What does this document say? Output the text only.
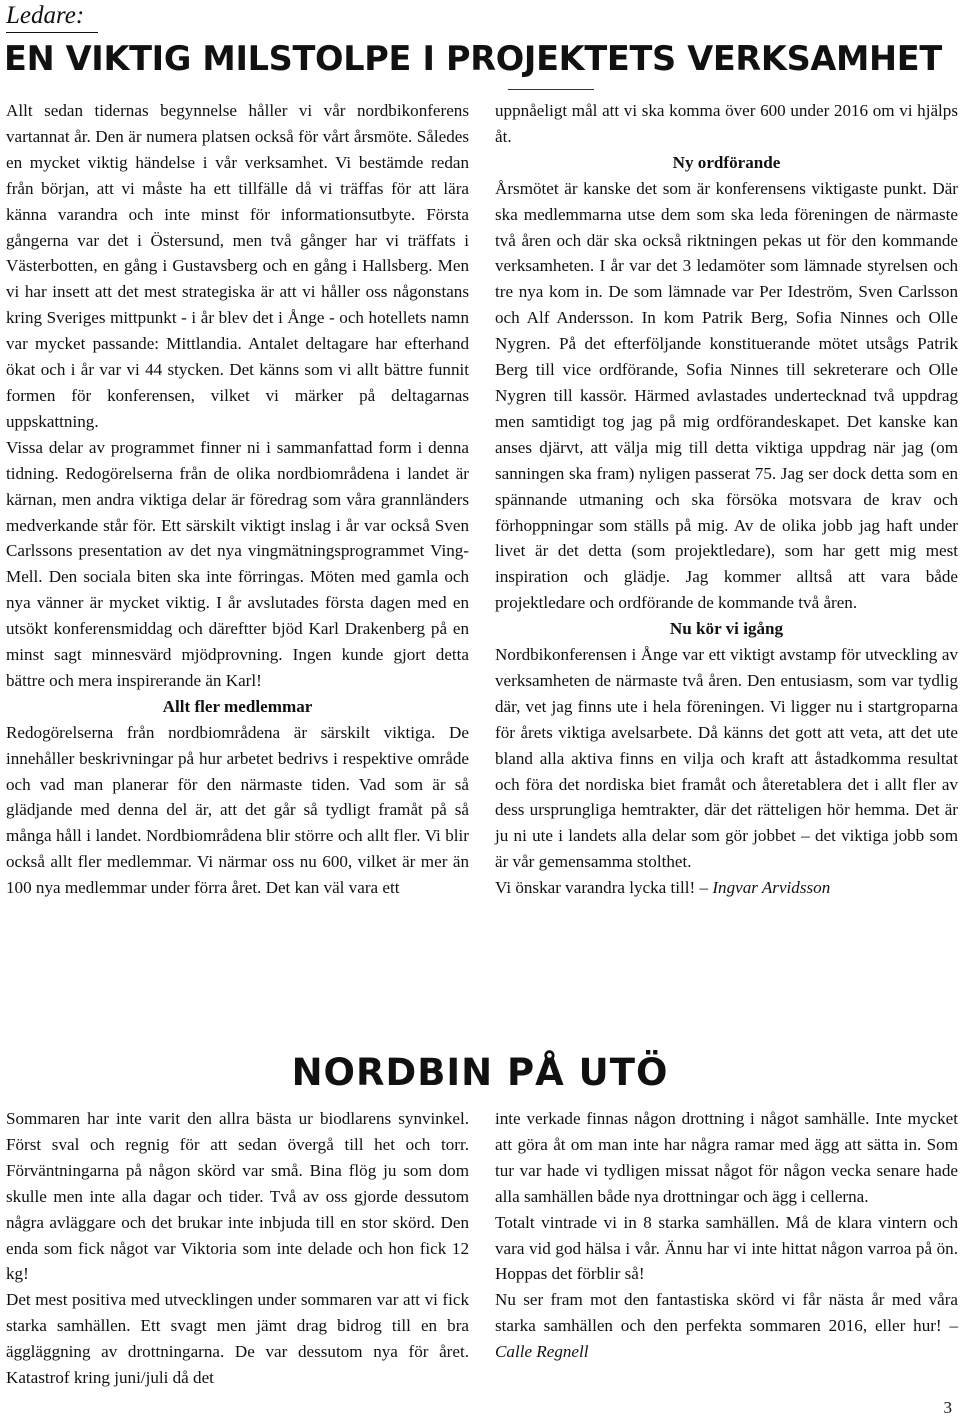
Ledare:
EN VIKTIG MILSTOLPE I PROJEKTETS VERKSAMHET

Allt sedan tidernas begynnelse håller vi vår nordbikonferens vartannat år. Den är numera platsen också för vårt årsmöte. Således en mycket viktig händelse i vår verksamhet. Vi bestämde redan från början, att vi måste ha ett tillfälle då vi träffas för att lära känna varandra och inte minst för informationsutbyte. Första gångerna var det i Östersund, men två gånger har vi träffats i Västerbotten, en gång i Gustavsberg och en gång i Hallsberg. Men vi har insett att det mest strategiska är att vi håller oss någonstans kring Sveriges mittpunkt - i år blev det i Ånge - och hotellets namn var mycket passande: Mittlandia. Antalet deltagare har efterhand ökat och i år var vi 44 stycken. Det känns som vi allt bättre funnit formen för konferensen, vilket vi märker på deltagarnas uppskattning.

Vissa delar av programmet finner ni i sammanfattad form i denna tidning. Redogörelserna från de olika nordbiområdena i landet är kärnan, men andra viktiga delar är föredrag som våra grannländers medverkande står för. Ett särskilt viktigt inslag i år var också Sven Carlssons presentation av det nya vingmätningsprogrammet Ving-Mell. Den sociala biten ska inte förringas. Möten med gamla och nya vänner är mycket viktig. I år avslutades första dagen med en utsökt konferensmiddag och däreftter bjöd Karl Drakenberg på en minst sagt minnesvärd mjödprovning. Ingen kunde gjort detta bättre och mera inspirerande än Karl!

Allt fler medlemmar

Redogörelserna från nordbiområdena är särskilt viktiga. De innehåller beskrivningar på hur arbetet bedrivs i respektive område och vad man planerar för den närmaste tiden. Vad som är så glädjande med denna del är, att det går så tydligt framåt på så många håll i landet. Nordbiområdena blir större och allt fler. Vi blir också allt fler medlemmar. Vi närmar oss nu 600, vilket är mer än 100 nya medlemmar under förra året. Det kan väl vara ett

uppnåeligt mål att vi ska komma över 600 under 2016 om vi hjälps åt.

Ny ordförande

Årsmötet är kanske det som är konferensens viktigaste punkt. Där ska medlemmarna utse dem som ska leda föreningen de närmaste två åren och där ska också riktningen pekas ut för den kommande verksamheten. I år var det 3 ledamöter som lämnade styrelsen och tre nya kom in. De som lämnade var Per Ideström, Sven Carlsson och Alf Andersson. In kom Patrik Berg, Sofia Ninnes och Olle Nygren. På det efterföljande konstituerande mötet utsågs Patrik Berg till vice ordförande, Sofia Ninnes till sekreterare och Olle Nygren till kassör. Härmed avlastades undertecknad två uppdrag men samtidigt tog jag på mig ordförandeskapet. Det kanske kan anses djärvt, att välja mig till detta viktiga uppdrag när jag (om sanningen ska fram) nyligen passerat 75. Jag ser dock detta som en spännande utmaning och ska försöka motsvara de krav och förhoppningar som ställs på mig. Av de olika jobb jag haft under livet är det detta (som projektledare), som har gett mig mest inspiration och glädje. Jag kommer alltså att vara både projektledare och ordförande de kommande två åren.

Nu kör vi igång

Nordbikonferensen i Ånge var ett viktigt avstamp för utveckling av verksamheten de närmaste två åren. Den entusiasm, som var tydlig där, vet jag finns ute i hela föreningen. Vi ligger nu i startgroparna för årets viktiga avelsarbete. Då känns det gott att veta, att det ute bland alla aktiva finns en vilja och kraft att åstadkomma resultat och föra det nordiska biet framåt och återetablera det i allt fler av dess ursprungliga hemtrakter, där det rätteligen hör hemma. Det är ju ni ute i landets alla delar som gör jobbet – det viktiga jobb som är vår gemensamma stolthet.

Vi önskar varandra lycka till! – Ingvar Arvidsson

NORDBIN PÅ UTÖ

Sommaren har inte varit den allra bästa ur biodlarens synvinkel. Först sval och regnig för att sedan övergå till het och torr. Förväntningarna på någon skörd var små. Bina flög ju som dom skulle men inte alla dagar och tider. Två av oss gjorde dessutom några avläggare och det brukar inte inbjuda till en stor skörd. Den enda som fick något var Viktoria som inte delade och hon fick 12 kg!

Det mest positiva med utvecklingen under sommaren var att vi fick starka samhällen. Ett svagt men jämt drag bidrog till en bra äggläggning av drottningarna. De var dessutom nya för året. Katastrof kring juni/juli då det

inte verkade finnas någon drottning i något samhälle. Inte mycket att göra åt om man inte har några ramar med ägg att sätta in. Som tur var hade vi tydligen missat något för någon vecka senare hade alla samhällen både nya drottningar och ägg i cellerna.

Totalt vintrade vi in 8 starka samhällen. Må de klara vintern och vara vid god hälsa i vår. Ännu har vi inte hittat någon varroa på ön. Hoppas det förblir så!

Nu ser fram mot den fantastiska skörd vi får nästa år med våra starka samhällen och den perfekta sommaren 2016, eller hur! – Calle Regnell

3
